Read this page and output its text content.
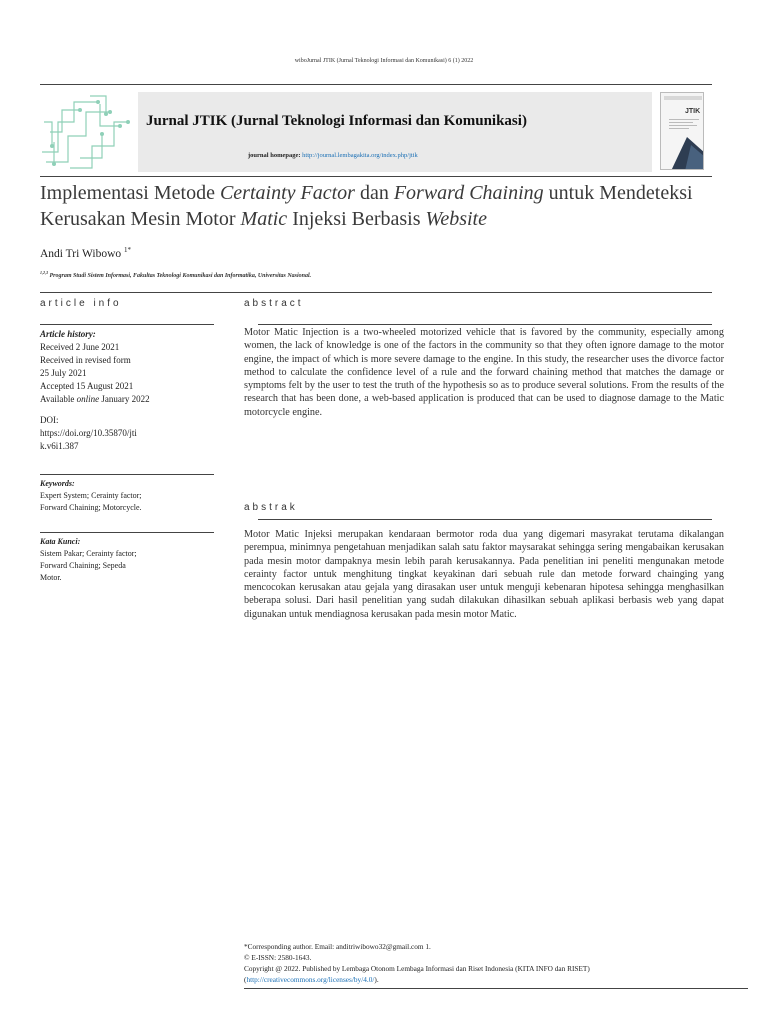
wiboJurnal JTIK (Jurnal Teknologi Informasi dan Komunikasi) 6 (1) 2022
Jurnal JTIK (Jurnal Teknologi Informasi dan Komunikasi)
journal homepage: http://journal.lembagakita.org/index.php/jtik
JTIK
Implementasi Metode Certainty Factor dan Forward Chaining untuk Mendeteksi Kerusakan Mesin Motor Matic Injeksi Berbasis Website
Andi Tri Wibowo $^{1*}$
$^{1,2,3}$ Program Studi Sistem Informasi, Fakultas Teknologi Komunikasi dan Informatika, Universitas Nasional.
article info	abstract

Article history:

Received 2 June 2021

Received in revised form

25 July 2021

Accepted 15 August 2021

Available online January 2022

DOI:

https://doi.org/10.35870/jti

k.v6i1.387

Keywords:

Expert System; Cerainty factor;

Forward Chaining; Motorcycle.

Kata Kunci:

Sistem Pakar; Cerainty factor;

Forward Chaining; Sepeda

Motor.

Motor Matic Injection is a two-wheeled motorized vehicle that is favored by the community, especially among women, the lack of knowledge is one of the factors in the community so that they often ignore damage to the motor engine, the impact of which is more severe damage to the engine. In this study, the researcher uses the divorce factor method to calculate the confidence level of a rule and the forward chaining method that matches the damage or symptoms felt by the user to test the truth of the hypothesis so as to produce several solutions. From the results of the research that has been done, a web-based application is produced that can be used to diagnose damage to the Matic motorcycle engine.
abstrak
Motor Matic Injeksi merupakan kendaraan bermotor roda dua yang digemari masyrakat terutama dikalangan perempua, minimnya pengetahuan menjadikan salah satu faktor maysarakat sehingga sering mengabaikan kerusakan pada mesin motor dampaknya mesin lebih parah kerusakannya. Pada penelitian ini peneliti mengunakan metode cerainty factor untuk menghitung tingkat keyakinan dari sebuah rule dan metode forward chainging yang mencocokan kerusakan atau gejala yang dirasakan user untuk menguji kebenaran hipotesa sehingga menghasilkan beberapa solusi. Dari hasil penelitian yang sudah dilakukan dihasilkan sebuah aplikasi berbasis web yang dapat digunakan untuk mendiagnosa kerusakan pada mesin motor Matic.
*Corresponding author. Email: anditriwibowo32@gmail.com 1.
© E-ISSN: 2580-1643.
Copyright @ 2022. Published by Lembaga Otonom Lembaga Informasi dan Riset Indonesia (KITA INFO dan RISET)
(http://creativecommons.org/licenses/by/4.0/).
